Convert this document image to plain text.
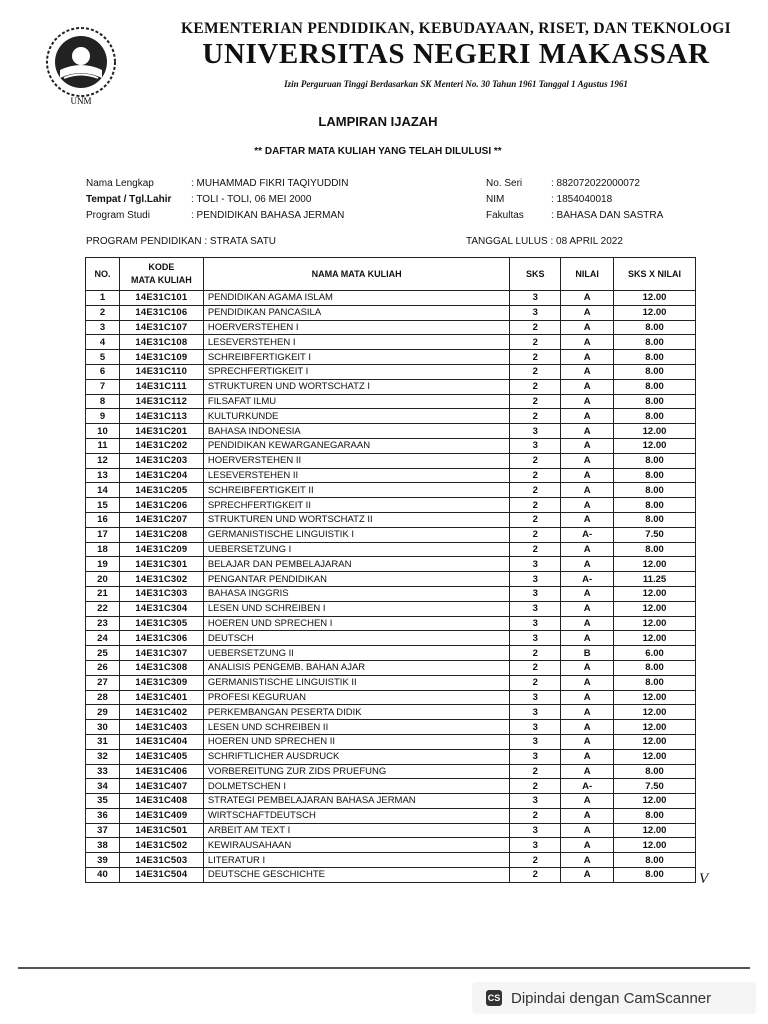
UNM
KEMENTERIAN PENDIDIKAN, KEBUDAYAAN, RISET, DAN TEKNOLOGI
UNIVERSITAS NEGERI MAKASSAR
Izin Perguruan Tinggi Berdasarkan SK Menteri No. 30 Tahun 1961 Tanggal 1 Agustus 1961
LAMPIRAN IJAZAH
** DAFTAR MATA KULIAH YANG TELAH DILULUSI **
Nama Lengkap	: MUHAMMAD FIKRI TAQIYUDDIN
Tempat / Tgl.Lahir : TOLI - TOLI, 06 MEI 2000
Program Studi	: PENDIDIKAN BAHASA JERMAN
No. Seri	: 882072022000072
NIM	: 1854040018
Fakultas	: BAHASA DAN SASTRA
PROGRAM PENDIDIKAN : STRATA SATU	TANGGAL LULUS : 08 APRIL 2022
NO.	KODE
MATA KULIAH	NAMA MATA KULIAH	SKS	NILAI	SKS X NILAI
1	14E31C101	PENDIDIKAN AGAMA ISLAM	3	A	12.00
2	14E31C106	PENDIDIKAN PANCASILA	3	A	12.00
3	14E31C107	HOERVERSTEHEN I	2	A	8.00
4	14E31C108	LESEVERSTEHEN I	2	A	8.00
5	14E31C109	SCHREIBFERTIGKEIT I	2	A	8.00
6	14E31C110	SPRECHFERTIGKEIT I	2	A	8.00
7	14E31C111	STRUKTUREN UND WORTSCHATZ I	2	A	8.00
8	14E31C112	FILSAFAT ILMU	2	A	8.00
9	14E31C113	KULTURKUNDE	2	A	8.00
10	14E31C201	BAHASA INDONESIA	3	A	12.00
11	14E31C202	PENDIDIKAN KEWARGANEGARAAN	3	A	12.00
12	14E31C203	HOERVERSTEHEN II	2	A	8.00
13	14E31C204	LESEVERSTEHEN II	2	A	8.00
14	14E31C205	SCHREIBFERTIGKEIT II	2	A	8.00
15	14E31C206	SPRECHFERTIGKEIT II	2	A	8.00
16	14E31C207	STRUKTUREN UND WORTSCHATZ II	2	A	8.00
17	14E31C208	GERMANISTISCHE LINGUISTIK I	2	A-	7.50
18	14E31C209	UEBERSETZUNG I	2	A	8.00
19	14E31C301	BELAJAR DAN PEMBELAJARAN	3	A	12.00
20	14E31C302	PENGANTAR PENDIDIKAN	3	A-	11.25
21	14E31C303	BAHASA INGGRIS	3	A	12.00
22	14E31C304	LESEN UND SCHREIBEN I	3	A	12.00
23	14E31C305	HOEREN UND SPRECHEN I	3	A	12.00
24	14E31C306	DEUTSCH	3	A	12.00
25	14E31C307	UEBERSETZUNG II	2	B	6.00
26	14E31C308	ANALISIS PENGEMB. BAHAN AJAR	2	A	8.00
27	14E31C309	GERMANISTISCHE LINGUISTIK II	2	A	8.00
28	14E31C401	PROFESI KEGURUAN	3	A	12.00
29	14E31C402	PERKEMBANGAN PESERTA DIDIK	3	A	12.00
30	14E31C403	LESEN UND SCHREIBEN II	3	A	12.00
31	14E31C404	HOEREN UND SPRECHEN II	3	A	12.00
32	14E31C405	SCHRIFTLICHER AUSDRUCK	3	A	12.00
33	14E31C406	VORBEREITUNG ZUR ZIDS PRUEFUNG	2	A	8.00
34	14E31C407	DOLMETSCHEN I	2	A-	7.50
35	14E31C408	STRATEGI PEMBELAJARAN BAHASA JERMAN	3	A	12.00
36	14E31C409	WIRTSCHAFTDEUTSCH	2	A	8.00
37	14E31C501	ARBEIT AM TEXT I	3	A	12.00
38	14E31C502	KEWIRAUSAHAAN	3	A	12.00
39	14E31C503	LITERATUR I	2	A	8.00
40	14E31C504	DEUTSCHE GESCHICHTE	2	A	8.00 V
CS Dipindai dengan CamScanner
